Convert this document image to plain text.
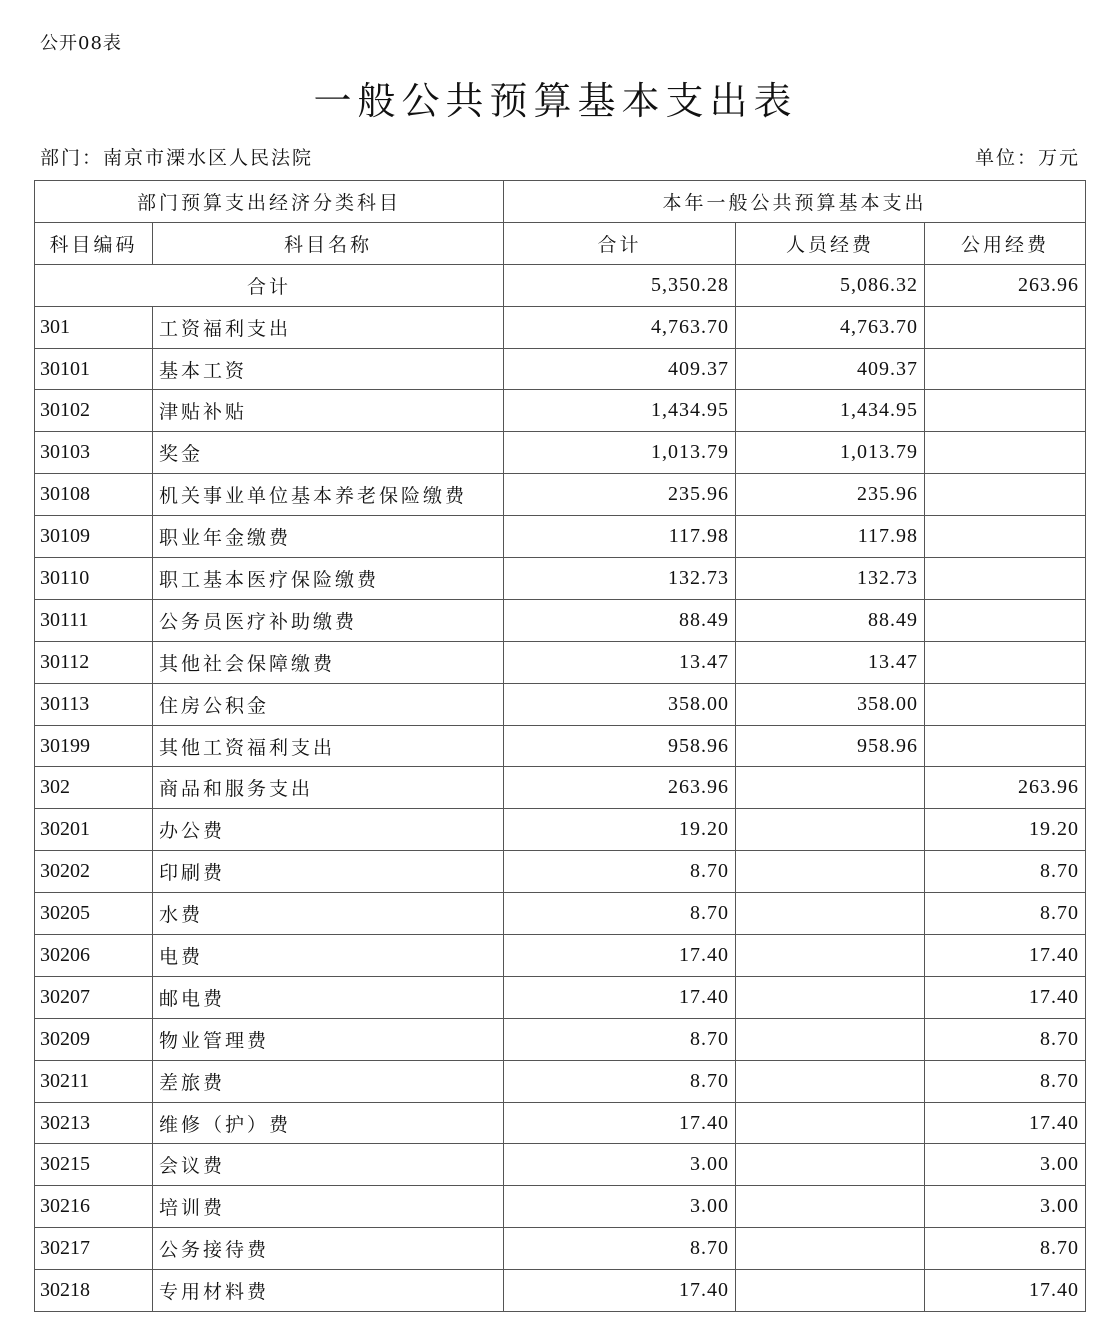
公开08表
一般公共预算基本支出表
部门：南京市溧水区人民法院	单位：万元
部门预算支出经济分类科目		本年一般公共预算基本支出		
科目编码	科目名称	合计	人员经费	公用经费
合计		5,350.28	5,086.32	263.96
301	工资福利支出	4,763.70	4,763.70	
30101	基本工资	409.37	409.37	
30102	津贴补贴	1,434.95	1,434.95	
30103	奖金	1,013.79	1,013.79	
30108	机关事业单位基本养老保险缴费	235.96	235.96	
30109	职业年金缴费	117.98	117.98	
30110	职工基本医疗保险缴费	132.73	132.73	
30111	公务员医疗补助缴费	88.49	88.49	
30112	其他社会保障缴费	13.47	13.47	
30113	住房公积金	358.00	358.00	
30199	其他工资福利支出	958.96	958.96	
302	商品和服务支出	263.96		263.96
30201	办公费	19.20		19.20
30202	印刷费	8.70		8.70
30205	水费	8.70		8.70
30206	电费	17.40		17.40
30207	邮电费	17.40		17.40
30209	物业管理费	8.70		8.70
30211	差旅费	8.70		8.70
30213	维修（护）费	17.40		17.40
30215	会议费	3.00		3.00
30216	培训费	3.00		3.00
30217	公务接待费	8.70		8.70
30218	专用材料费	17.40		17.40
